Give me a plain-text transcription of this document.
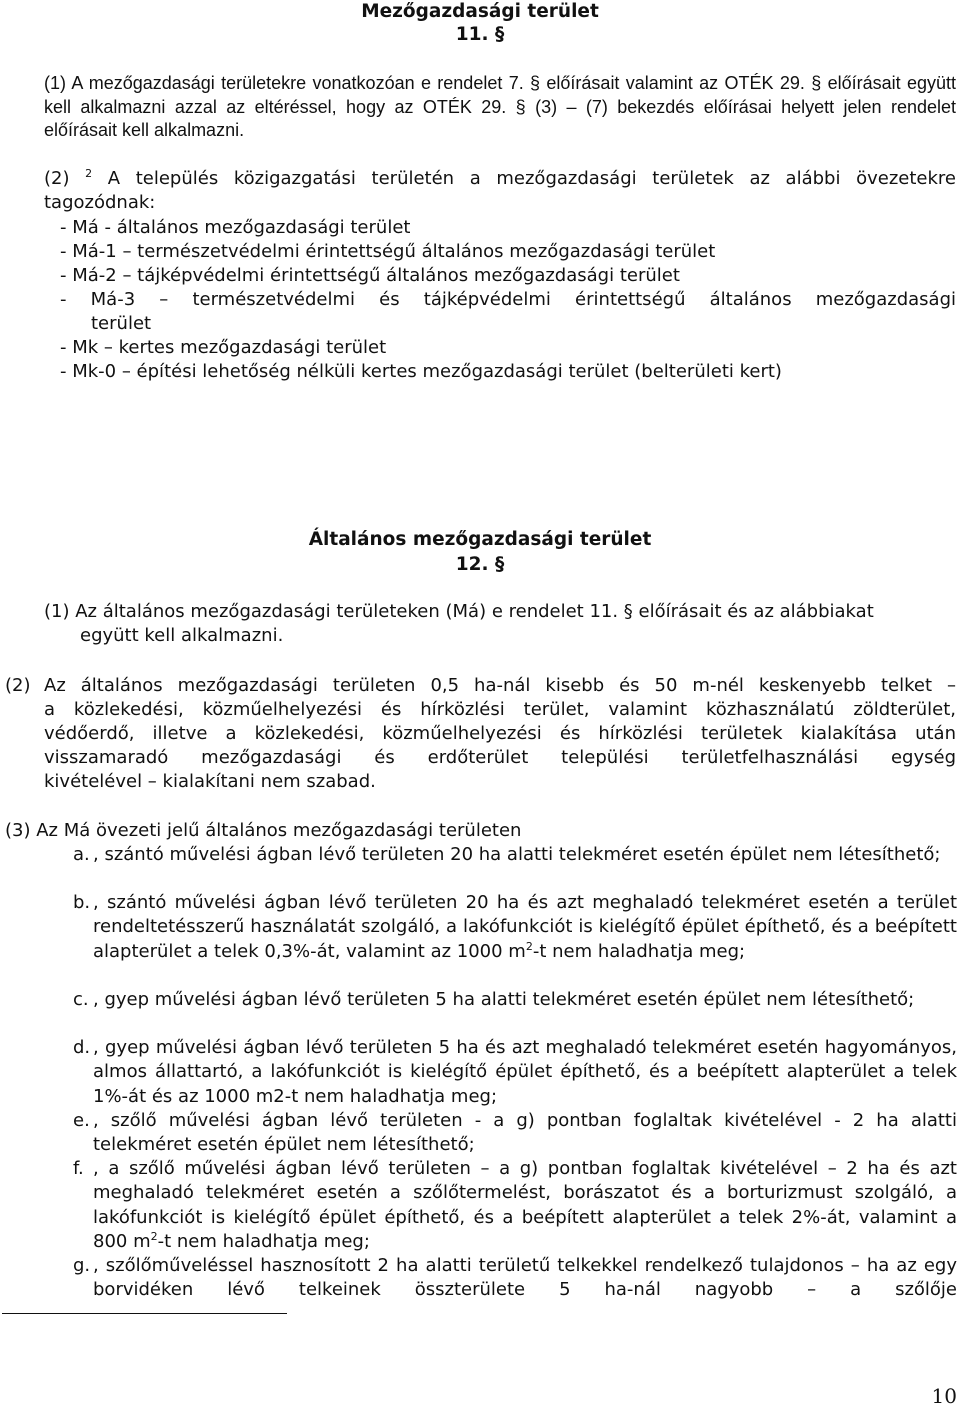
Mezőgazdasági terület
11. §

(1) A mezőgazdasági területekre vonatkozóan e rendelet 7. § előírásait valamint az OTÉK 29. § előírásait együtt kell alkalmazni azzal az eltéréssel, hogy az OTÉK 29. § (3) – (7) bekezdés előírásai helyett jelen rendelet előírásait kell alkalmazni.

(2) $^2$ A település közigazgatási területén a mezőgazdasági területek az alábbi övezetekre tagozódnak:

- Má - általános mezőgazdasági terület
- Má-1 – természetvédelmi érintettségű általános mezőgazdasági terület
- Má-2 – tájképvédelmi érintettségű általános mezőgazdasági terület
- Má-3 – természetvédelmi és tájképvédelmi érintettségű általános mezőgazdasági
terület
- Mk – kertes mezőgazdasági terület
- Mk-0 – építési lehetőség nélküli kertes mezőgazdasági terület (belterületi kert)
Általános mezőgazdasági terület
12. §
(1) Az általános mezőgazdasági területeken (Má) e rendelet 11. § előírásait és az alábbiakat
együtt kell alkalmazni.
(2) Az általános mezőgazdasági területen 0,5 ha-nál kisebb és 50 m-nél keskenyebb telket –
a közlekedési, közműelhelyezési és hírközlési terület, valamint közhasználatú zöldterület,
védőerdő, illetve a közlekedési, közműelhelyezési és hírközlési területek kialakítása után
visszamaradó mezőgazdasági és erdőterület települési területfelhasználási egység
kivételével – kialakítani nem szabad.
(3) Az Má övezeti jelű általános mezőgazdasági területen
a. , szántó művelési ágban lévő területen 20 ha alatti telekméret esetén épület nem létesíthető;

b. , szántó művelési ágban lévő területen 20 ha és azt meghaladó telekméret esetén a terület rendeltetésszerű használatát szolgáló, a lakófunkciót is kielégítő épület építhető, és a beépített alapterület a telek 0,3%-át, valamint az 1000 $m^2-t$ nem haladhatja meg;

c. , gyep művelési ágban lévő területen 5 ha alatti telekméret esetén épület nem létesíthető;

d. , gyep művelési ágban lévő területen 5 ha és azt meghaladó telekméret esetén hagyományos, almos állattartó, a lakófunkciót is kielégítő épület építhető, és a beépített alapterület a telek 1%-át és az 1000 m2-t nem haladhatja meg;

e. , szőlő művelési ágban lévő területen - a g) pontban foglaltak kivételével - 2 ha alatti telekméret esetén épület nem létesíthető;

f. , a szőlő művelési ágban lévő területen – a g) pontban foglaltak kivételével – 2 ha és azt meghaladó telekméret esetén a szőlőtermelést, borászatot és a borturizmust szolgáló, a lakófunkciót is kielégítő épület építhető, és a beépített alapterület a telek 2%-át, valamint a 800 $m^2-t$ nem haladhatja meg;

g. , szőlőműveléssel hasznosított 2 ha alatti területű telkekkel rendelkező tulajdonos – ha az egy borvidéken lévő telkeinek összterülete 5 ha-nál nagyobb – a szőlője

10
